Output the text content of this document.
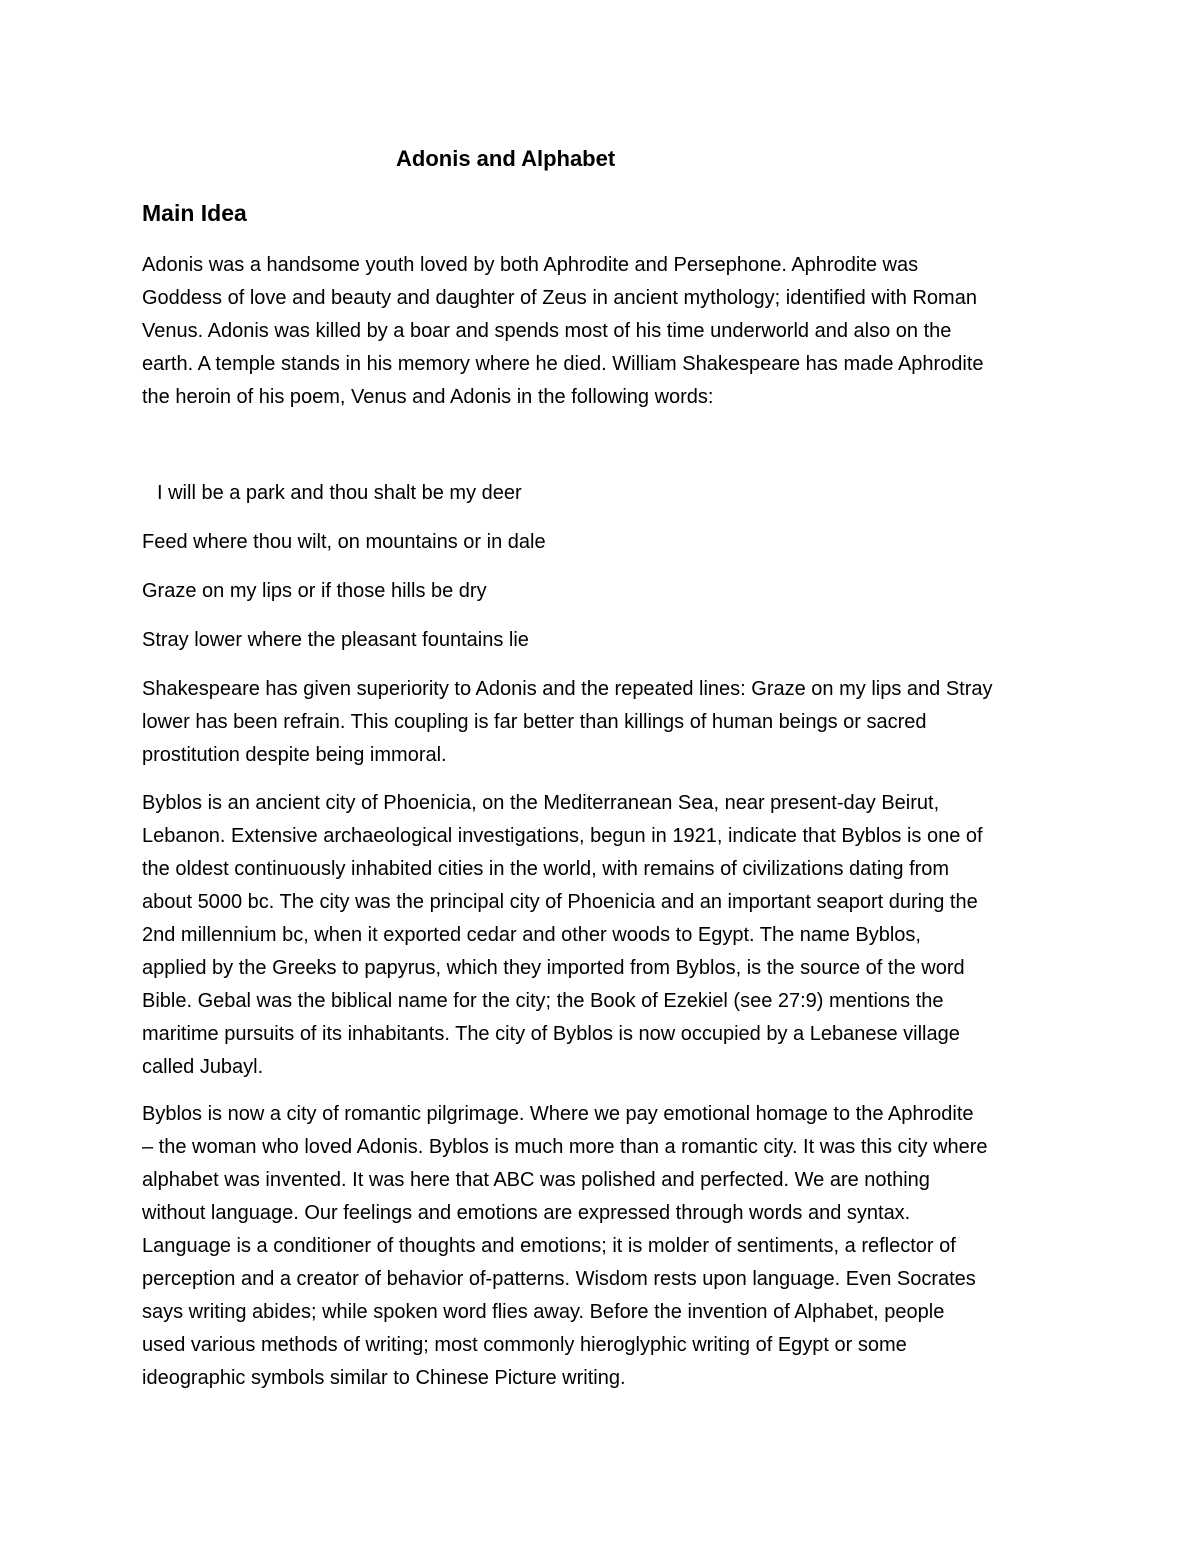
Adonis and Alphabet
Main Idea
Adonis was a handsome youth loved by both Aphrodite and Persephone. Aphrodite was
Goddess of love and beauty and daughter of Zeus in ancient mythology; identified with Roman
Venus. Adonis was killed by a boar and spends most of his time underworld and also on the
earth. A temple stands in his memory where he died. William Shakespeare has made Aphrodite
the heroin of his poem, Venus and Adonis in the following words:
I will be a park and thou shalt be my deer
Feed where thou wilt, on mountains or in dale
Graze on my lips or if those hills be dry
Stray lower where the pleasant fountains lie
Shakespeare has given superiority to Adonis and the repeated lines: Graze on my lips and Stray
lower has been refrain. This coupling is far better than killings of human beings or sacred
prostitution despite being immoral.
Byblos is an ancient city of Phoenicia, on the Mediterranean Sea, near present-day Beirut,
Lebanon. Extensive archaeological investigations, begun in 1921, indicate that Byblos is one of
the oldest continuously inhabited cities in the world, with remains of civilizations dating from
about 5000 bc. The city was the principal city of Phoenicia and an important seaport during the
2nd millennium bc, when it exported cedar and other woods to Egypt. The name Byblos,
applied by the Greeks to papyrus, which they imported from Byblos, is the source of the word
Bible. Gebal was the biblical name for the city; the Book of Ezekiel (see 27:9) mentions the
maritime pursuits of its inhabitants. The city of Byblos is now occupied by a Lebanese village
called Jubayl.
Byblos is now a city of romantic pilgrimage. Where we pay emotional homage to the Aphrodite
– the woman who loved Adonis. Byblos is much more than a romantic city. It was this city where
alphabet was invented. It was here that ABC was polished and perfected. We are nothing
without language. Our feelings and emotions are expressed through words and syntax.
Language is a conditioner of thoughts and emotions; it is molder of sentiments, a reflector of
perception and a creator of behavior of-patterns. Wisdom rests upon language. Even Socrates
says writing abides; while spoken word flies away. Before the invention of Alphabet, people
used various methods of writing; most commonly hieroglyphic writing of Egypt or some
ideographic symbols similar to Chinese Picture writing.
